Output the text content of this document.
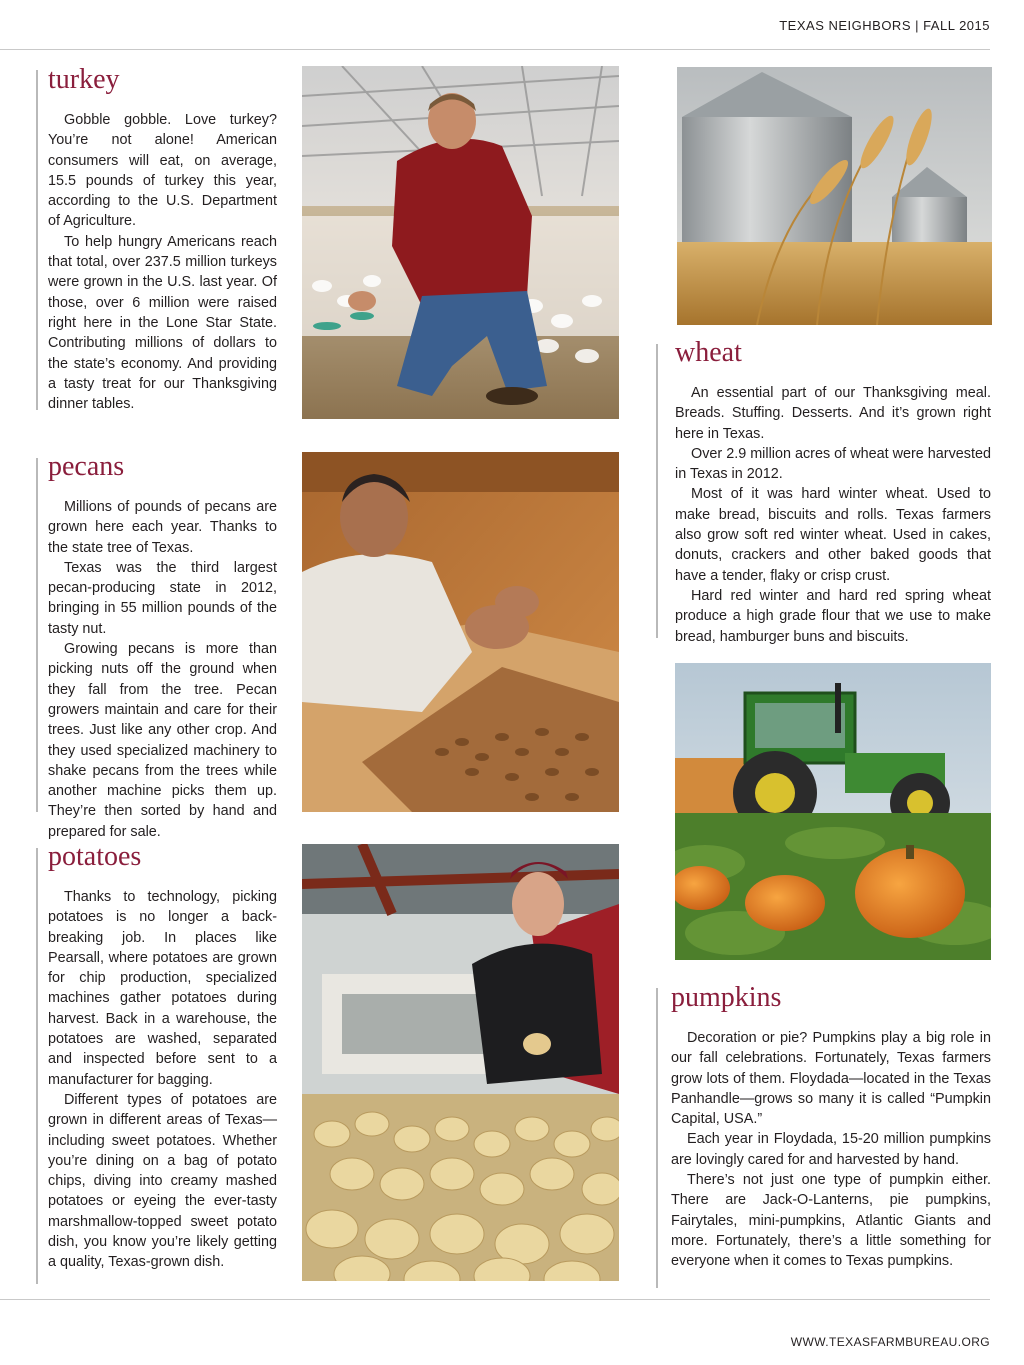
TEXAS NEIGHBORS | FALL 2015
turkey

Gobble gobble. Love turkey? You’re not alone! American consumers will eat, on average, 15.5 pounds of turkey this year, according to the U.S. Department of Agriculture.

To help hungry Americans reach that total, over 237.5 million turkeys were grown in the U.S. last year. Of those, over 6 million were raised right here in the Lone Star State. Contributing millions of dollars to the state’s economy. And providing a tasty treat for our Thanksgiving dinner tables.

pecans

Millions of pounds of pecans are grown here each year. Thanks to the state tree of Texas.

Texas was the third largest pecan-producing state in 2012, bringing in 55 million pounds of the tasty nut.

Growing pecans is more than picking nuts off the ground when they fall from the tree. Pecan growers maintain and care for their trees. Just like any other crop. And they used specialized machinery to shake pecans from the trees while another machine picks them up. They’re then sorted by hand and prepared for sale.

potatoes

Thanks to technology, picking potatoes is no longer a back-breaking job. In places like Pearsall, where potatoes are grown for chip production, specialized machines gather potatoes during harvest. Back in a warehouse, the potatoes are washed, separated and inspected before sent to a manufacturer for bagging.

Different types of potatoes are grown in different areas of Texas—including sweet potatoes. Whether you’re dining on a bag of potato chips, diving into creamy mashed potatoes or eyeing the ever-tasty marshmallow-topped sweet potato dish, you know you’re likely getting a quality, Texas-grown dish.

wheat

An essential part of our Thanksgiving meal. Breads. Stuffing. Desserts. And it’s grown right here in Texas.

Over 2.9 million acres of wheat were harvested in Texas in 2012.

Most of it was hard winter wheat. Used to make bread, biscuits and rolls. Texas farmers also grow soft red winter wheat. Used in cakes, donuts, crackers and other baked goods that have a tender, flaky or crisp crust.

Hard red winter and hard red spring wheat produce a high grade flour that we use to make bread, hamburger buns and biscuits.

pumpkins

Decoration or pie? Pumpkins play a big role in our fall celebrations. Fortunately, Texas farmers grow lots of them. Floydada—located in the Texas Panhandle—grows so many it is called “Pumpkin Capital, USA.”

Each year in Floydada, 15-20 million pumpkins are lovingly cared for and harvested by hand.

There’s not just one type of pumpkin either. There are Jack-O-Lanterns, pie pumpkins, Fairytales, mini-pumpkins, Atlantic Giants and more. Fortunately, there’s a little something for everyone when it comes to Texas pumpkins.

WWW.TEXASFARMBUREAU.ORG
